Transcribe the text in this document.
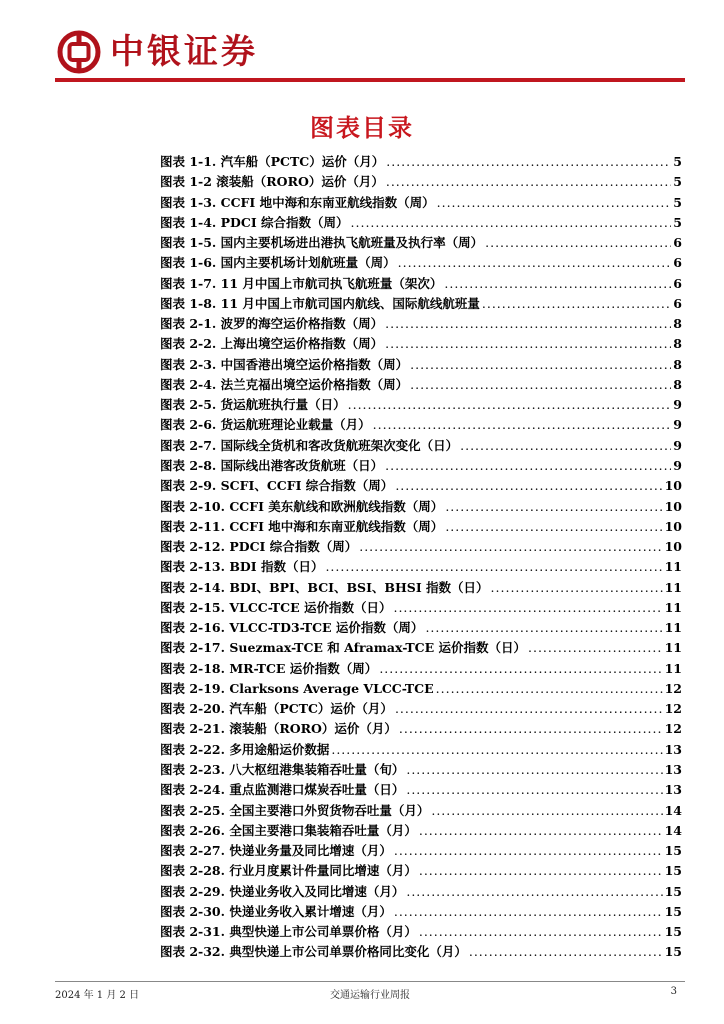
中银证券
图表目录
图表 1-1. 汽车船（PCTC）运价（月） .....	5
图表 1-2 滚装船（RORO）运价（月） .....	5
图表 1-3. CCFI 地中海和东南亚航线指数（周） .....	5
图表 1-4. PDCI 综合指数（周） .....	5
图表 1-5. 国内主要机场进出港执飞航班量及执行率（周） .....	6
图表 1-6. 国内主要机场计划航班量（周） .....	6
图表 1-7. 11 月中国上市航司执飞航班量（架次） .....	6
图表 1-8. 11 月中国上市航司国内航线、国际航线航班量 .....	6
图表 2-1. 波罗的海空运价格指数（周） .....	8
图表 2-2. 上海出境空运价格指数（周） .....	8
图表 2-3. 中国香港出境空运价格指数（周） .....	8
图表 2-4. 法兰克福出境空运价格指数（周） .....	8
图表 2-5. 货运航班执行量（日） .....	9
图表 2-6. 货运航班理论业载量（月） .....	9
图表 2-7. 国际线全货机和客改货航班架次变化（日） .....	9
图表 2-8. 国际线出港客改货航班（日） .....	9
图表 2-9. SCFI、CCFI 综合指数（周） .....	10
图表 2-10. CCFI 美东航线和欧洲航线指数（周） .....	10
图表 2-11. CCFI 地中海和东南亚航线指数（周） .....	10
图表 2-12. PDCI 综合指数（周） .....	10
图表 2-13. BDI 指数（日） .....	11
图表 2-14. BDI、BPI、BCI、BSI、BHSI 指数（日） .....	11
图表 2-15. VLCC-TCE 运价指数（日） .....	11
图表 2-16. VLCC-TD3-TCE 运价指数（周） .....	11
图表 2-17. Suezmax-TCE 和 Aframax-TCE 运价指数（日） .....	11
图表 2-18. MR-TCE 运价指数（周） .....	11
图表 2-19. Clarksons Average VLCC-TCE .....	12
图表 2-20. 汽车船（PCTC）运价（月） .....	12
图表 2-21. 滚装船（RORO）运价（月） .....	12
图表 2-22. 多用途船运价数据 .....	13
图表 2-23. 八大枢纽港集装箱吞吐量（旬） .....	13
图表 2-24. 重点监测港口煤炭吞吐量（日） .....	13
图表 2-25. 全国主要港口外贸货物吞吐量（月） .....	14
图表 2-26. 全国主要港口集装箱吞吐量（月） .....	14
图表 2-27. 快递业务量及同比增速（月） .....	15
图表 2-28. 行业月度累计件量同比增速（月） .....	15
图表 2-29. 快递业务收入及同比增速（月） .....	15
图表 2-30. 快递业务收入累计增速（月） .....	15
图表 2-31. 典型快递上市公司单票价格（月） .....	15
图表 2-32. 典型快递上市公司单票价格同比变化（月） .....	15
2024 年 1 月 2 日	交通运输行业周报	3
